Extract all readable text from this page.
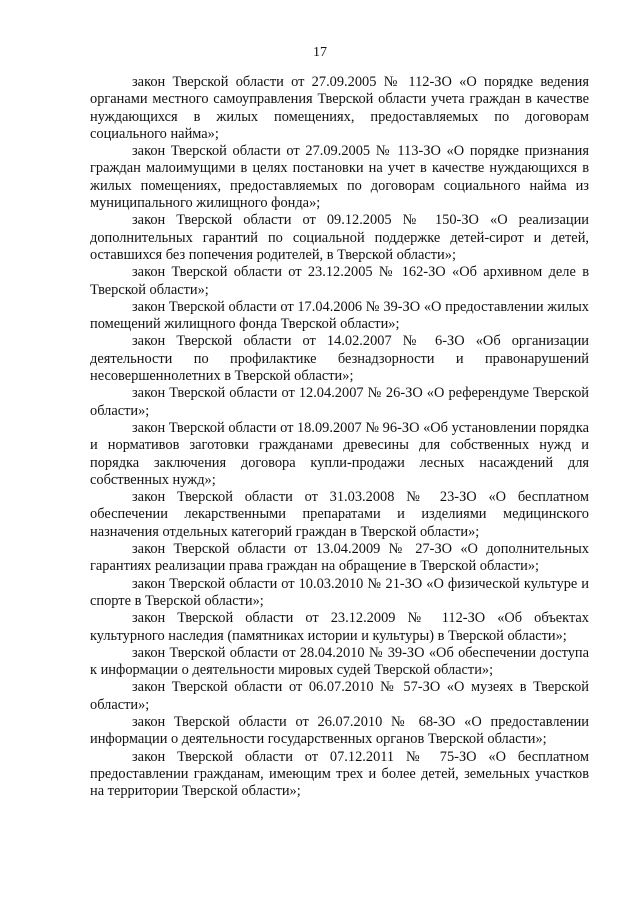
17

закон Тверской области от 27.09.2005 № 112-ЗО «О порядке ведения органами местного самоуправления Тверской области учета граждан в качестве нуждающихся в жилых помещениях, предоставляемых по договорам социального найма»;

закон Тверской области от 27.09.2005 № 113-ЗО «О порядке признания граждан малоимущими в целях постановки на учет в качестве нуждающихся в жилых помещениях, предоставляемых по договорам социального найма из муниципального жилищного фонда»;

закон Тверской области от 09.12.2005 № 150-ЗО «О реализации дополнительных гарантий по социальной поддержке детей-сирот и детей, оставшихся без попечения родителей, в Тверской области»;

закон Тверской области от 23.12.2005 № 162-ЗО «Об архивном деле в Тверской области»;

закон Тверской области от 17.04.2006 № 39-ЗО «О предоставлении жилых помещений жилищного фонда Тверской области»;

закон Тверской области от 14.02.2007 № 6-ЗО «Об организации деятельности по профилактике безнадзорности и правонарушений несовершеннолетних в Тверской области»;

закон Тверской области от 12.04.2007 № 26-ЗО «О референдуме Тверской области»;

закон Тверской области от 18.09.2007 № 96-ЗО «Об установлении порядка и нормативов заготовки гражданами древесины для собственных нужд и порядка заключения договора купли-продажи лесных насаждений для собственных нужд»;

закон Тверской области от 31.03.2008 № 23-ЗО «О бесплатном обеспечении лекарственными препаратами и изделиями медицинского назначения отдельных категорий граждан в Тверской области»;

закон Тверской области от 13.04.2009 № 27-ЗО «О дополнительных гарантиях реализации права граждан на обращение в Тверской области»;

закон Тверской области от 10.03.2010 № 21-ЗО «О физической культуре и спорте в Тверской области»;

закон Тверской области от 23.12.2009 № 112-ЗО «Об объектах культурного наследия (памятниках истории и культуры) в Тверской области»;

закон Тверской области от 28.04.2010 № 39-ЗО «Об обеспечении доступа к информации о деятельности мировых судей Тверской области»;

закон Тверской области от 06.07.2010 № 57-ЗО «О музеях в Тверской области»;

закон Тверской области от 26.07.2010 № 68-ЗО «О предоставлении информации о деятельности государственных органов Тверской области»;

закон Тверской области от 07.12.2011 № 75-ЗО «О бесплатном предоставлении гражданам, имеющим трех и более детей, земельных участков на территории Тверской области»;
